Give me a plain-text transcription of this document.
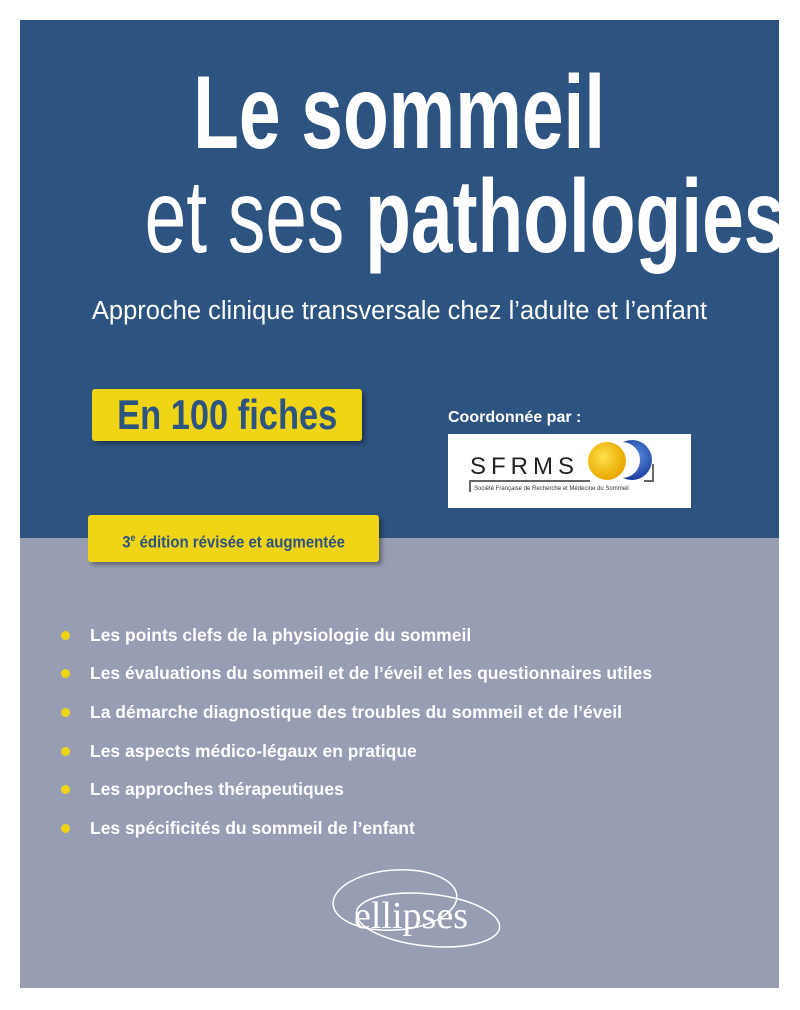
Le sommeil
et ses pathologies
Approche clinique transversale chez l’adulte et l’enfant
Coordonnée par :
SFRMS
Société Française de Recherche et Médecine du Sommeil
En 100 fiches
3e édition révisée et augmentée
Les points clefs de la physiologie du sommeil
Les évaluations du sommeil et de l’éveil et les questionnaires utiles
La démarche diagnostique des troubles du sommeil et de l’éveil
Les aspects médico-légaux en pratique
Les approches thérapeutiques
Les spécificités du sommeil de l’enfant
ellipses
